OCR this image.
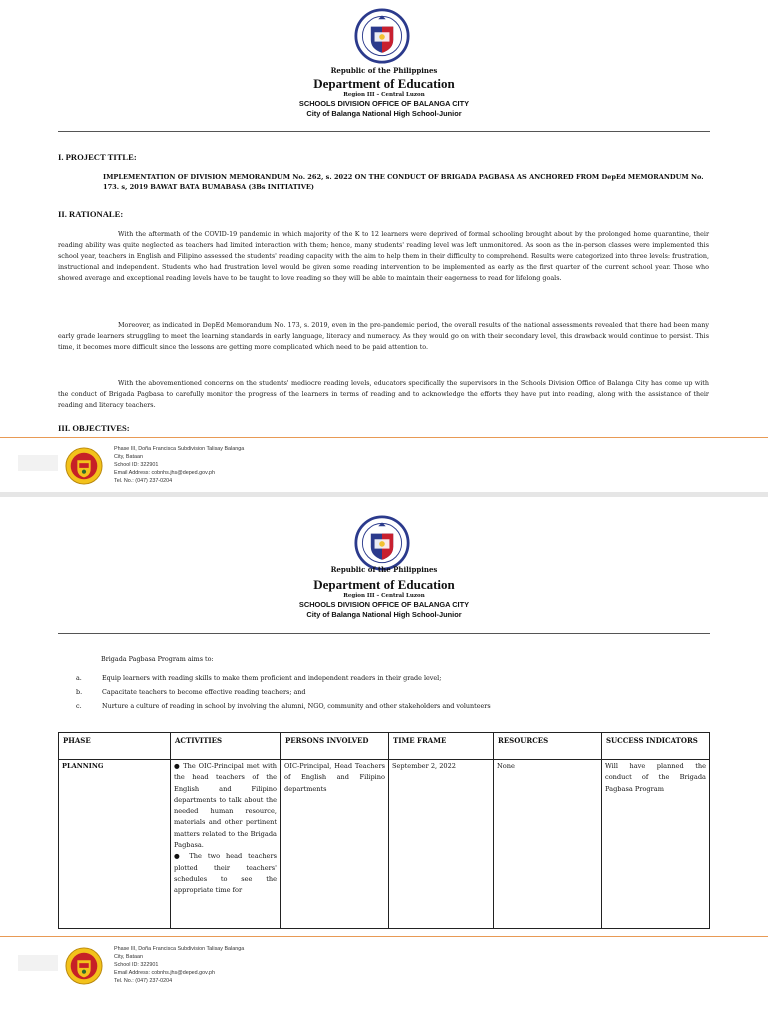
Republic of the Philippines
Department of Education
Region III – Central Luzon
SCHOOLS DIVISION OFFICE OF BALANGA CITY
City of Balanga National High School-Junior
I. PROJECT TITLE:
IMPLEMENTATION OF DIVISION MEMORANDUM No. 262, s. 2022 ON THE CONDUCT OF BRIGADA PAGBASA AS ANCHORED FROM DepEd MEMORANDUM No. 173. s, 2019 BAWAT BATA BUMABASA (3Bs INITIATIVE)
II. RATIONALE:
With the aftermath of the COVID-19 pandemic in which majority of the K to 12 learners were deprived of formal schooling brought about by the prolonged home quarantine, their reading ability was quite neglected as teachers had limited interaction with them; hence, many students' reading level was left unmonitored. As soon as the in-person classes were implemented this school year, teachers in English and Filipino assessed the students' reading capacity with the aim to help them in their difficulty to comprehend. Results were categorized into three levels: frustration, instructional and independent. Students who had frustration level would be given some reading intervention to be implemented as early as the first quarter of the current school year. Those who showed average and exceptional reading levels have to be taught to love reading so they will be able to maintain their eagerness to read for lifelong goals.
Moreover, as indicated in DepEd Memorandum No. 173, s. 2019, even in the pre-pandemic period, the overall results of the national assessments revealed that there had been many early grade learners struggling to meet the learning standards in early language, literacy and numeracy. As they would go on with their secondary level, this drawback would continue to persist. This time, it becomes more difficult since the lessons are getting more complicated which need to be paid attention to.
With the abovementioned concerns on the students' mediocre reading levels, educators specifically the supervisors in the Schools Division Office of Balanga City has come up with the conduct of Brigada Pagbasa to carefully monitor the progress of the learners in terms of reading and to acknowledge the efforts they have put into reading, along with the assistance of their reading and literacy teachers.
III. OBJECTIVES:
Phase III, Doña Francisca Subdivision Talisay Balanga
City, Bataan
School ID: 322901
Email Address: cobnhs.jhs@deped.gov.ph
Tel. No.: (047) 237-0204
Republic of the Philippines
Department of Education
Region III – Central Luzon
SCHOOLS DIVISION OFFICE OF BALANGA CITY
City of Balanga National High School-Junior
Brigada Pagbasa Program aims to:
a.	Equip learners with reading skills to make them proficient and independent readers in their grade level;
b.	Capacitate teachers to become effective reading teachers; and
c.	Nurture a culture of reading in school by involving the alumni, NGO, community and other stakeholders and volunteers
PHASE	ACTIVITIES	PERSONS INVOLVED	TIME FRAME	RESOURCES	SUCCESS INDICATORS
PLANNING	● The OIC-Principal met with the head teachers of the English and Filipino departments to talk about the needed human resource, materials and other pertinent matters related to the Brigada Pagbasa.
● The two head teachers plotted their teachers' schedules to see the appropriate time for	OIC-Principal, Head Teachers of English and Filipino departments	September 2, 2022	None	Will have planned the conduct of the Brigada Pagbasa Program
Phase III, Doña Francisca Subdivision Talisay Balanga
City, Bataan
School ID: 322901
Email Address: cobnhs.jhs@deped.gov.ph
Tel. No.: (047) 237-0204
